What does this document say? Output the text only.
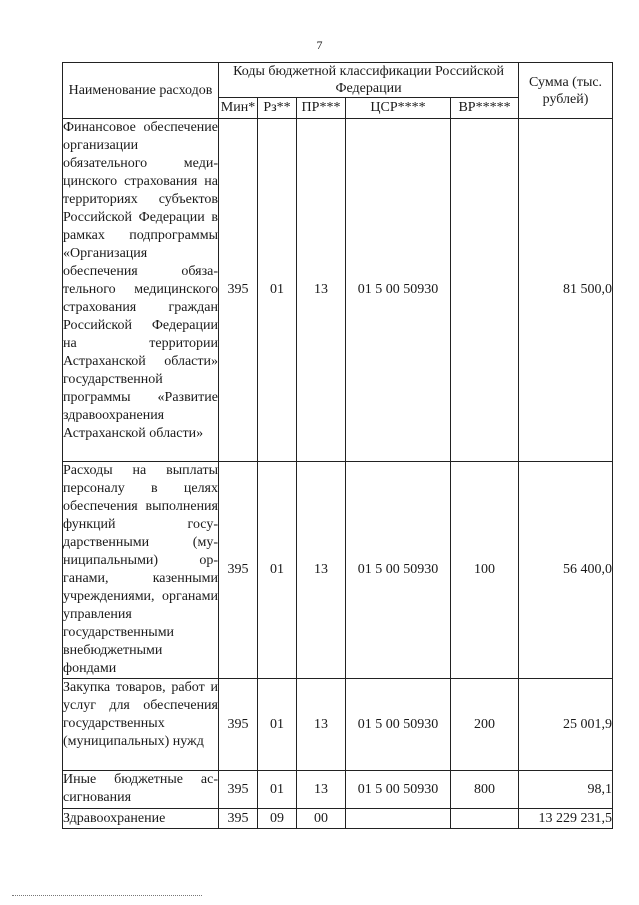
7
Наименование расходов	Коды бюджетной классификации Российской Федерации					Сумма (тыс. рублей)
	Мин*	Рз**	ПР***	ЦСР****	ВР*****	
Финансовое обеспечение организации обязательного медицинского страхования на территориях субъектов Российской Федерации в рамках подпрограммы «Организация обеспечения обязательного медицинского страхования граждан Российской Федерации на территории Астраханской области» государственной программы «Развитие здравоохранения Астраханской области»	395	01	13	01 5 00 50930		81 500,0
Расходы на выплаты персоналу в целях обеспечения выполнения функций государственными (муниципальными) органами, казенными учреждениями, органами управления государственными внебюджетными фондами	395	01	13	01 5 00 50930	100	56 400,0
Закупка товаров, работ и услуг для обеспечения государственных (муниципальных) нужд	395	01	13	01 5 00 50930	200	25 001,9
Иные бюджетные ассигнования	395	01	13	01 5 00 50930	800	98,1
Здравоохранение	395	09	00			13 229 231,5
